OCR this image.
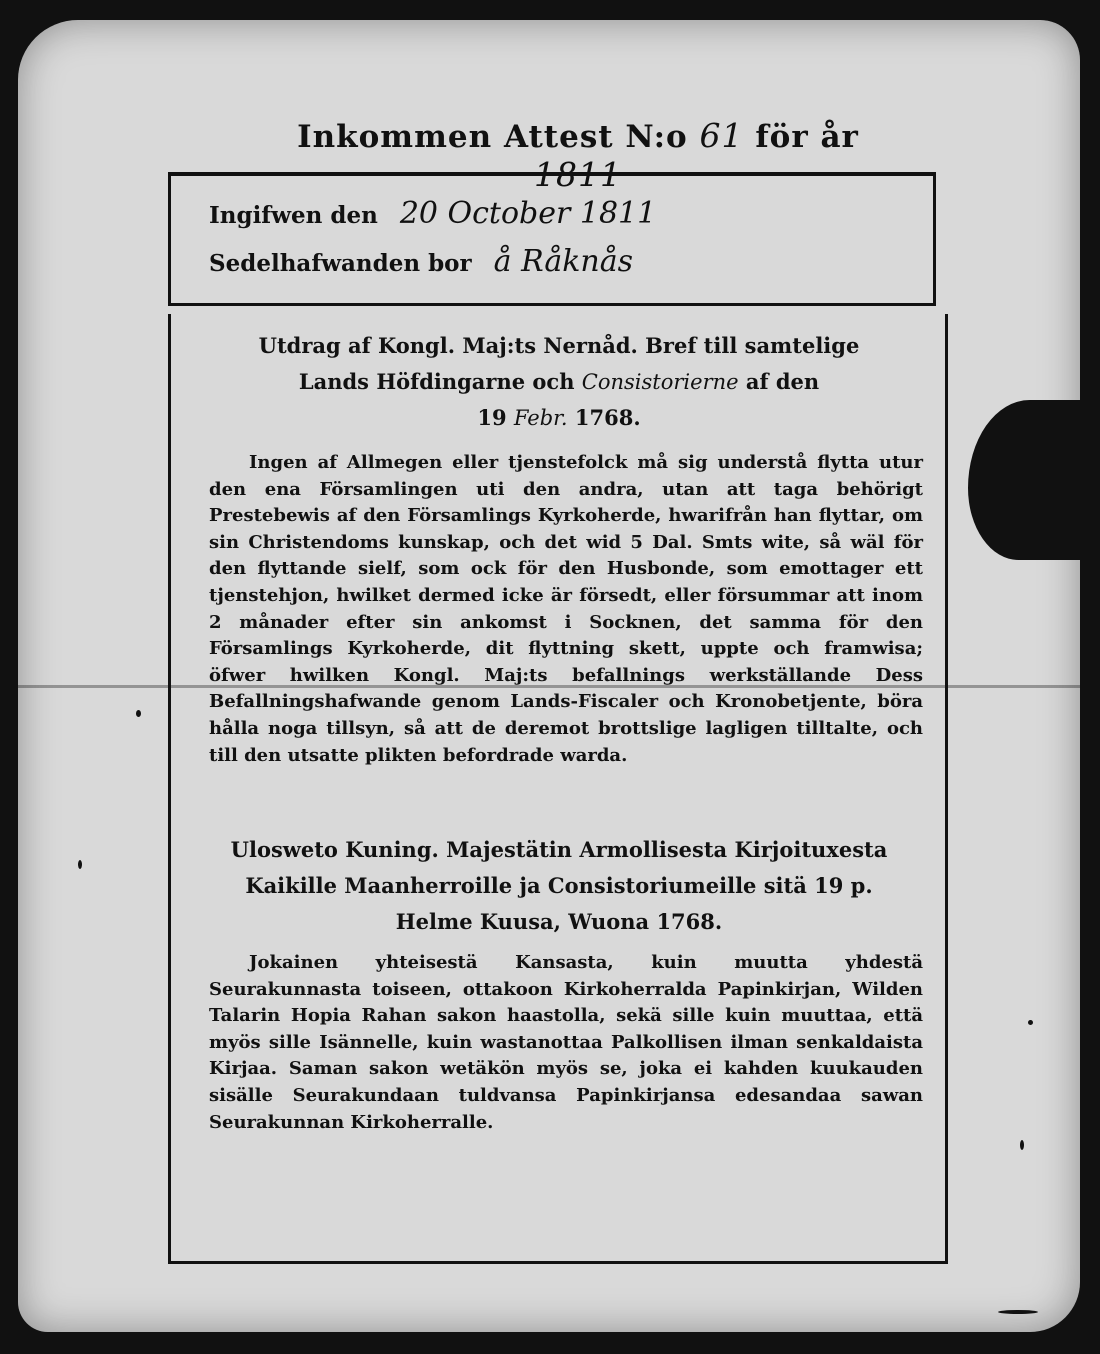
Inkommen Attest N:o 61 för år 1811
Ingifwen den 20 October 1811
Sedelhafwanden bor å Råknås
Utdrag af Kongl. Maj:ts Nernåd. Bref till samtelige
Lands Höfdingarne och Consistorierne af den
19 Febr. 1768.
Ingen af Allmegen eller tjenstefolck må sig understå flytta utur den ena Församlingen uti den andra, utan att taga behörigt Prestebewis af den Församlings Kyrkoherde, hwarifrån han flyttar, om sin Christendoms kunskap, och det wid 5 Dal. Smts wite, så wäl för den flyttande sielf, som ock för den Husbonde, som emottager ett tjenstehjon, hwilket dermed icke är försedt, eller försummar att inom 2 månader efter sin ankomst i Socknen, det samma för den Församlings Kyrkoherde, dit flyttning skett, uppte och framwisa; öfwer hwilken Kongl. Maj:ts befallnings werkställande Dess Befallningshafwande genom Lands-Fiscaler och Kronobetjente, böra hålla noga tillsyn, så att de deremot brottslige lagligen tilltalte, och till den utsatte plikten befordrade warda.
Ulosweto Kuning. Majestätin Armollisesta Kirjoituxesta
Kaikille Maanherroille ja Consistoriumeille sitä 19 p.
Helme Kuusa, Wuona 1768.
Jokainen yhteisestä Kansasta, kuin muutta yhdestä Seurakunnasta toiseen, ottakoon Kirkoherralda Papinkirjan, Wilden Talarin Hopia Rahan sakon haastolla, sekä sille kuin muuttaa, että myös sille Isännelle, kuin wastanottaa Palkollisen ilman senkaldaista Kirjaa. Saman sakon wetäkön myös se, joka ei kahden kuukauden sisälle Seurakundaan tuldvansa Papinkirjansa edesandaa sawan Seurakunnan Kirkoherralle.
